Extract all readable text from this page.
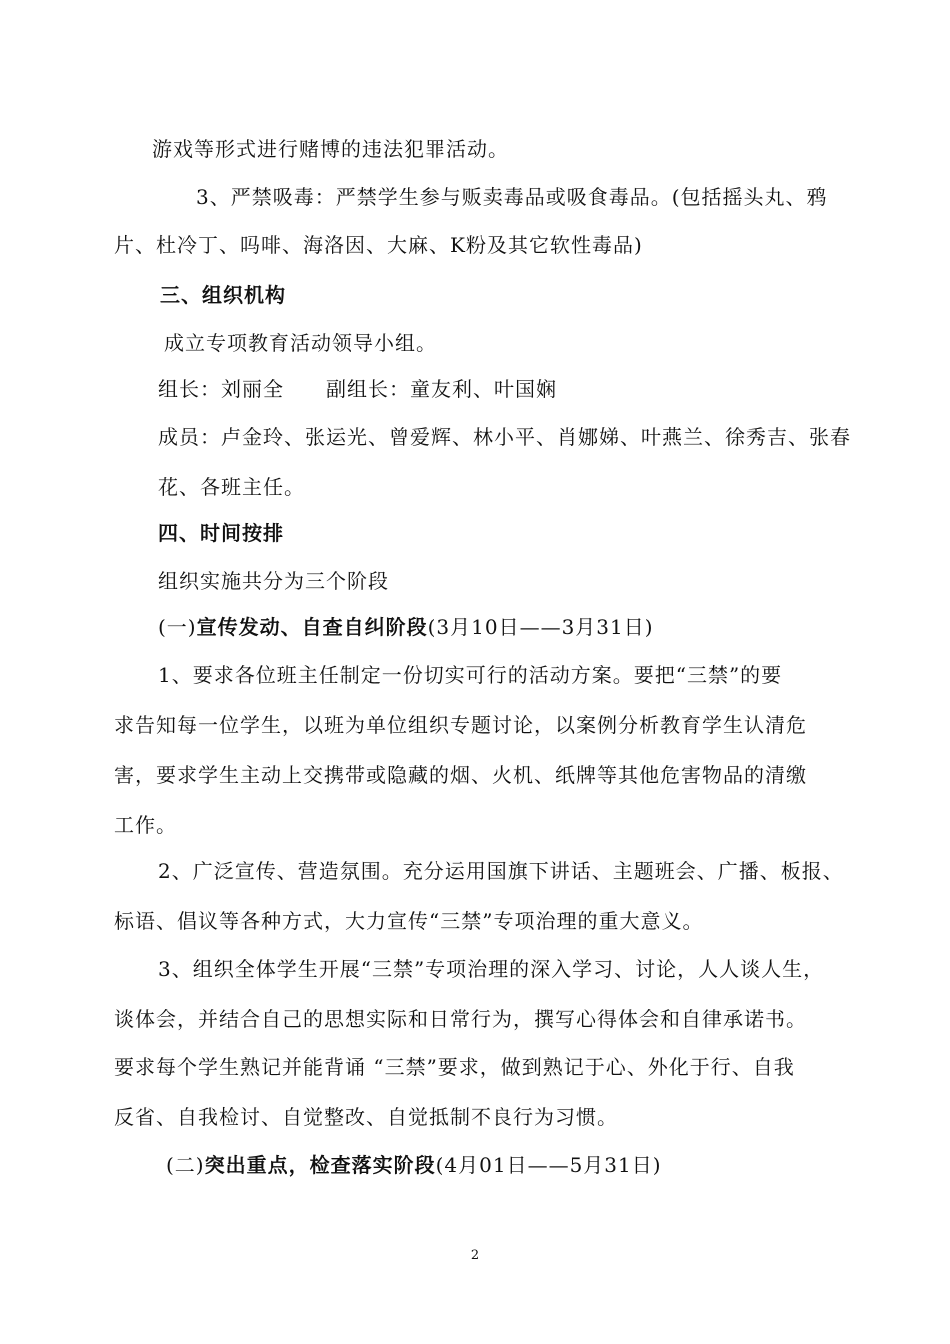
游戏等形式进行赌博的违法犯罪活动。
3、严禁吸毒：严禁学生参与贩卖毒品或吸食毒品。(包括摇头丸、鸦
片、杜冷丁、吗啡、海洛因、大麻、K粉及其它软性毒品)
三、组织机构
成立专项教育活动领导小组。
组长：刘丽全　　副组长：童友利、叶国娴
成员：卢金玲、张运光、曾爱辉、林小平、肖娜娣、叶燕兰、徐秀吉、张春
花、各班主任。
四、时间按排
组织实施共分为三个阶段
(一)宣传发动、自查自纠阶段(3月10日——3月31日)
1、要求各位班主任制定一份切实可行的活动方案。要把“三禁”的要
求告知每一位学生，以班为单位组织专题讨论，以案例分析教育学生认清危
害，要求学生主动上交携带或隐藏的烟、火机、纸牌等其他危害物品的清缴
工作。
2、广泛宣传、营造氛围。充分运用国旗下讲话、主题班会、广播、板报、
标语、倡议等各种方式，大力宣传“三禁”专项治理的重大意义。
3、组织全体学生开展“三禁”专项治理的深入学习、讨论，人人谈人生，
谈体会，并结合自己的思想实际和日常行为，撰写心得体会和自律承诺书。
要求每个学生熟记并能背诵 “三禁”要求，做到熟记于心、外化于行、自我
反省、自我检讨、自觉整改、自觉抵制不良行为习惯。
(二)突出重点，检查落实阶段(4月01日——5月31日)
2
